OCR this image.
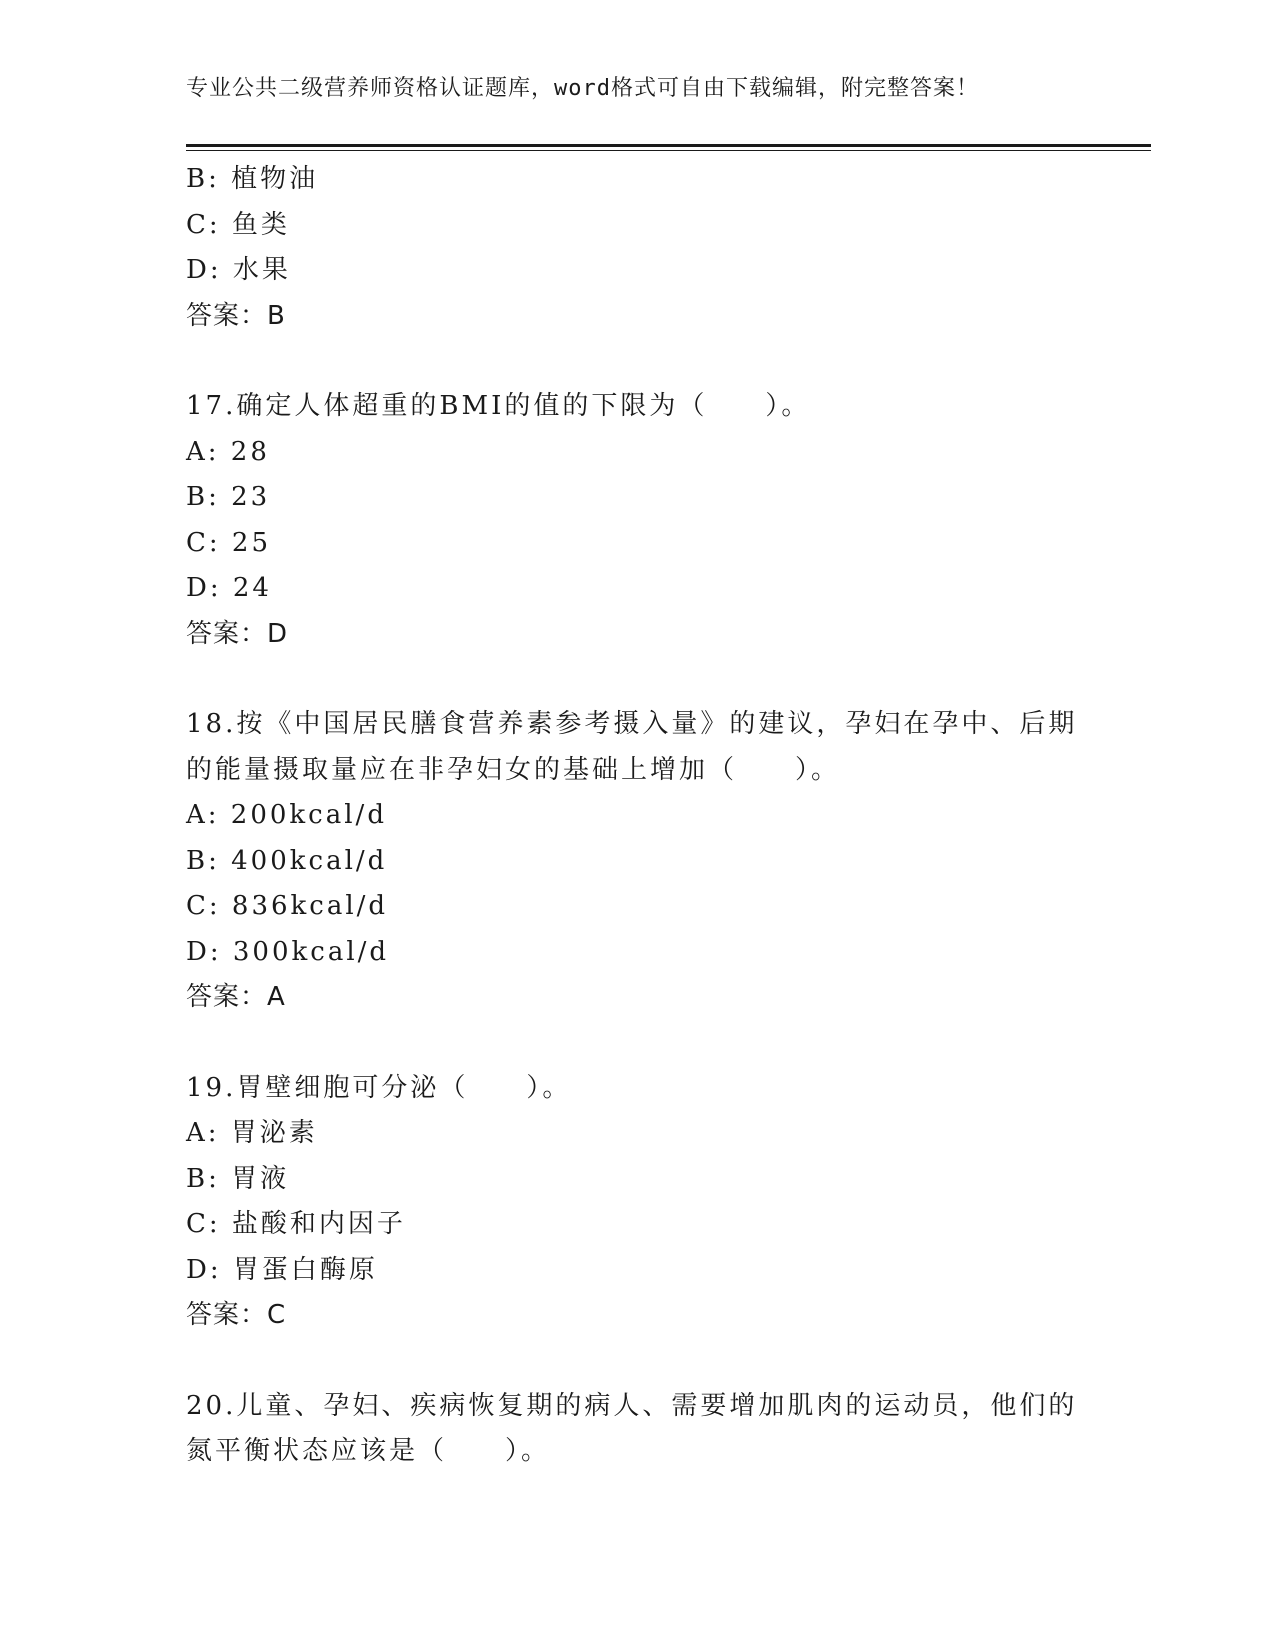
专业公共二级营养师资格认证题库，word格式可自由下载编辑，附完整答案！
B: 植物油
C: 鱼类
D: 水果
答案：B
17.确定人体超重的BMI的值的下限为（　　）。
A: 28
B: 23
C: 25
D: 24
答案：D
18.按《中国居民膳食营养素参考摄入量》的建议，孕妇在孕中、后期
的能量摄取量应在非孕妇女的基础上增加（　　）。
A: 200kcal/d
B: 400kcal/d
C: 836kcal/d
D: 300kcal/d
答案：A
19.胃壁细胞可分泌（　　）。
A: 胃泌素
B: 胃液
C: 盐酸和内因子
D: 胃蛋白酶原
答案：C
20.儿童、孕妇、疾病恢复期的病人、需要增加肌肉的运动员，他们的
氮平衡状态应该是（　　）。
